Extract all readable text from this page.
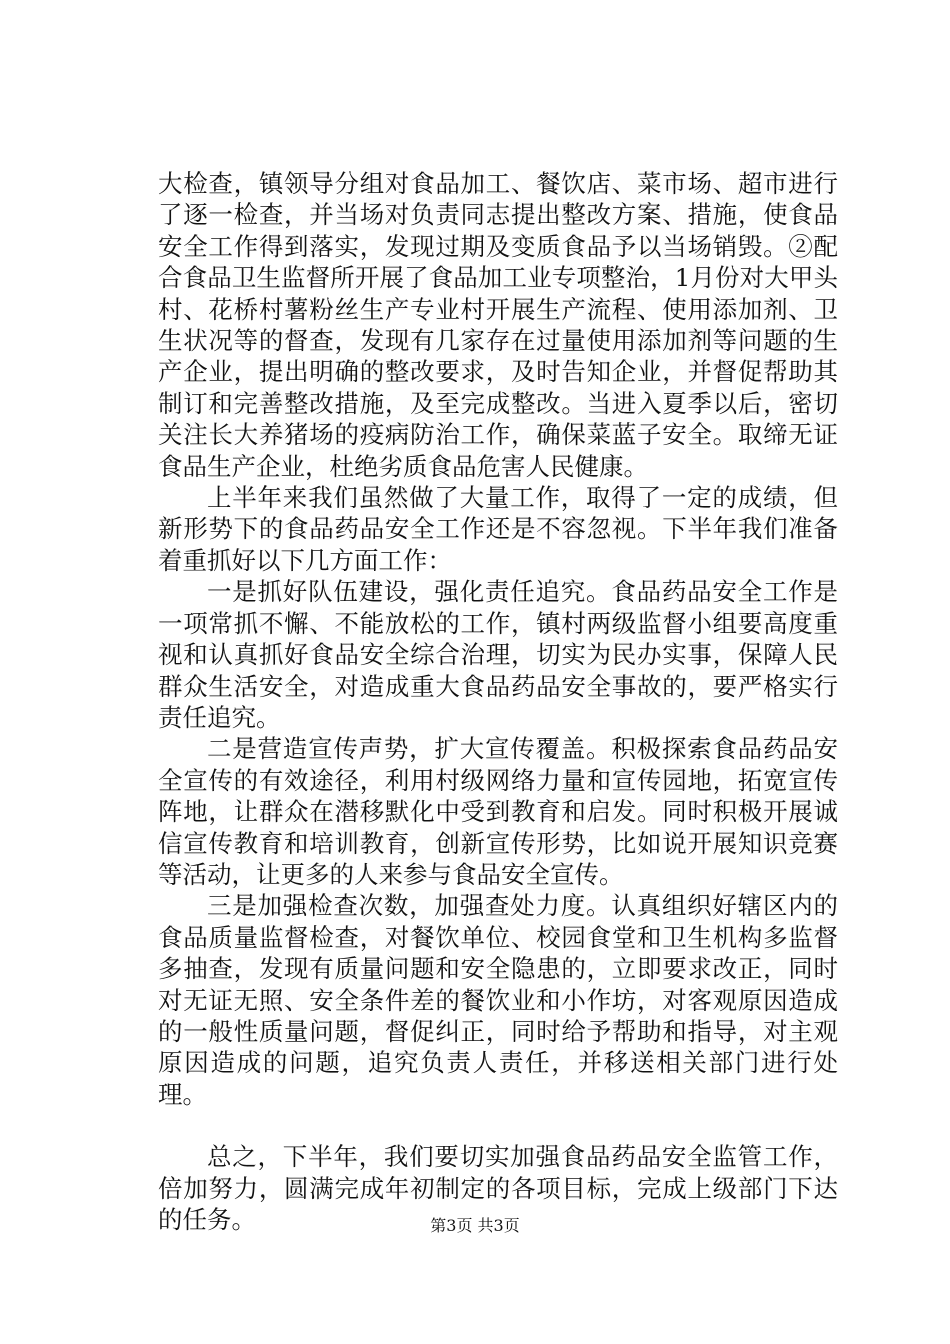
大检查，镇领导分组对食品加工、餐饮店、菜市场、超市进行了逐一检查，并当场对负责同志提出整改方案、措施，使食品安全工作得到落实，发现过期及变质食品予以当场销毁。②配合食品卫生监督所开展了食品加工业专项整治，1月份对大甲头村、花桥村薯粉丝生产专业村开展生产流程、使用添加剂、卫生状况等的督查，发现有几家存在过量使用添加剂等问题的生产企业，提出明确的整改要求，及时告知企业，并督促帮助其制订和完善整改措施，及至完成整改。当进入夏季以后，密切关注长大养猪场的疫病防治工作，确保菜蓝子安全。取缔无证食品生产企业，杜绝劣质食品危害人民健康。

上半年来我们虽然做了大量工作，取得了一定的成绩，但新形势下的食品药品安全工作还是不容忽视。下半年我们准备着重抓好以下几方面工作：

一是抓好队伍建设，强化责任追究。食品药品安全工作是一项常抓不懈、不能放松的工作，镇村两级监督小组要高度重视和认真抓好食品安全综合治理，切实为民办实事，保障人民群众生活安全，对造成重大食品药品安全事故的，要严格实行责任追究。

二是营造宣传声势，扩大宣传覆盖。积极探索食品药品安全宣传的有效途径，利用村级网络力量和宣传园地，拓宽宣传阵地，让群众在潜移默化中受到教育和启发。同时积极开展诚信宣传教育和培训教育，创新宣传形势，比如说开展知识竞赛等活动，让更多的人来参与食品安全宣传。

三是加强检查次数，加强查处力度。认真组织好辖区内的食品质量监督检查，对餐饮单位、校园食堂和卫生机构多监督多抽查，发现有质量问题和安全隐患的，立即要求改正，同时对无证无照、安全条件差的餐饮业和小作坊，对客观原因造成的一般性质量问题，督促纠正，同时给予帮助和指导，对主观原因造成的问题，追究负责人责任，并移送相关部门进行处理。

总之，下半年，我们要切实加强食品药品安全监管工作，倍加努力，圆满完成年初制定的各项目标，完成上级部门下达的任务。	第3页 共3页
